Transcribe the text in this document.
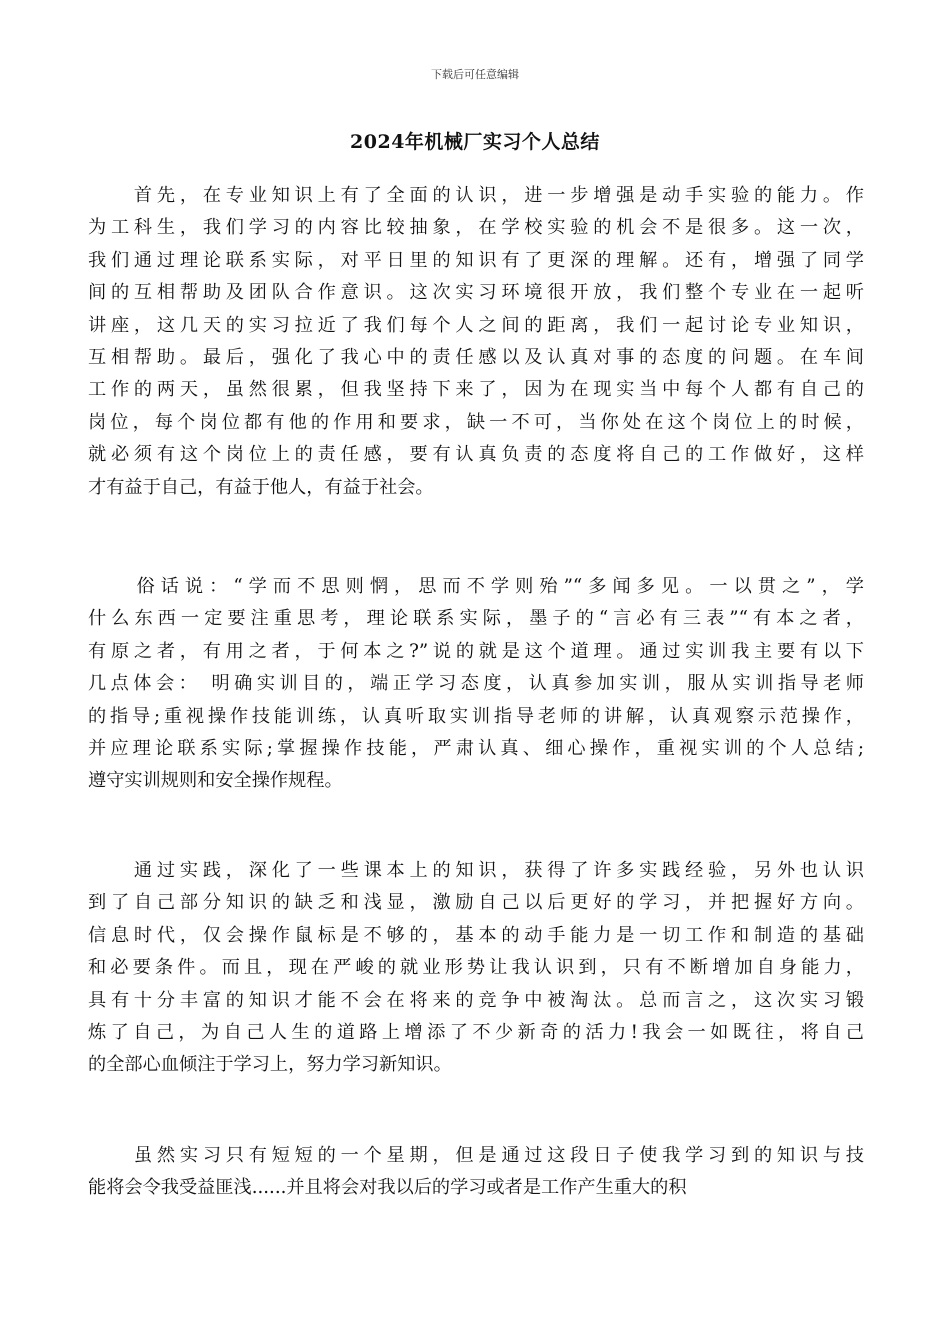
下载后可任意编辑
2024年机械厂实习个人总结
　　首先，在专业知识上有了全面的认识，进一步增强是动手实验的能力。作
为工科生，我们学习的内容比较抽象，在学校实验的机会不是很多。这一次，
我们通过理论联系实际，对平日里的知识有了更深的理解。还有，增强了同学
间的互相帮助及团队合作意识。这次实习环境很开放，我们整个专业在一起听
讲座，这几天的实习拉近了我们每个人之间的距离，我们一起讨论专业知识，
互相帮助。最后，强化了我心中的责任感以及认真对事的态度的问题。在车间
工作的两天，虽然很累，但我坚持下来了，因为在现实当中每个人都有自己的
岗位，每个岗位都有他的作用和要求，缺一不可，当你处在这个岗位上的时候，
就必须有这个岗位上的责任感，要有认真负责的态度将自己的工作做好，这样
才有益于自己，有益于他人，有益于社会。
　　俗话说：“学而不思则惘，思而不学则殆”“多闻多见。一以贯之”，学
什么东西一定要注重思考，理论联系实际，墨子的“言必有三表”“有本之者，
有原之者，有用之者，于何本之?”说的就是这个道理。通过实训我主要有以下
几点体会： 明确实训目的，端正学习态度，认真参加实训，服从实训指导老师
的指导;重视操作技能训练，认真听取实训指导老师的讲解，认真观察示范操作，
并应理论联系实际;掌握操作技能，严肃认真、细心操作，重视实训的个人总结;
遵守实训规则和安全操作规程。
　　通过实践，深化了一些课本上的知识，获得了许多实践经验，另外也认识
到了自己部分知识的缺乏和浅显，激励自己以后更好的学习，并把握好方向。
信息时代，仅会操作鼠标是不够的，基本的动手能力是一切工作和制造的基础
和必要条件。而且，现在严峻的就业形势让我认识到，只有不断增加自身能力，
具有十分丰富的知识才能不会在将来的竞争中被淘汰。总而言之，这次实习锻
炼了自己，为自己人生的道路上增添了不少新奇的活力!我会一如既往，将自己
的全部心血倾注于学习上，努力学习新知识。
　　虽然实习只有短短的一个星期，但是通过这段日子使我学习到的知识与技
能将会令我受益匪浅......并且将会对我以后的学习或者是工作产生重大的积
